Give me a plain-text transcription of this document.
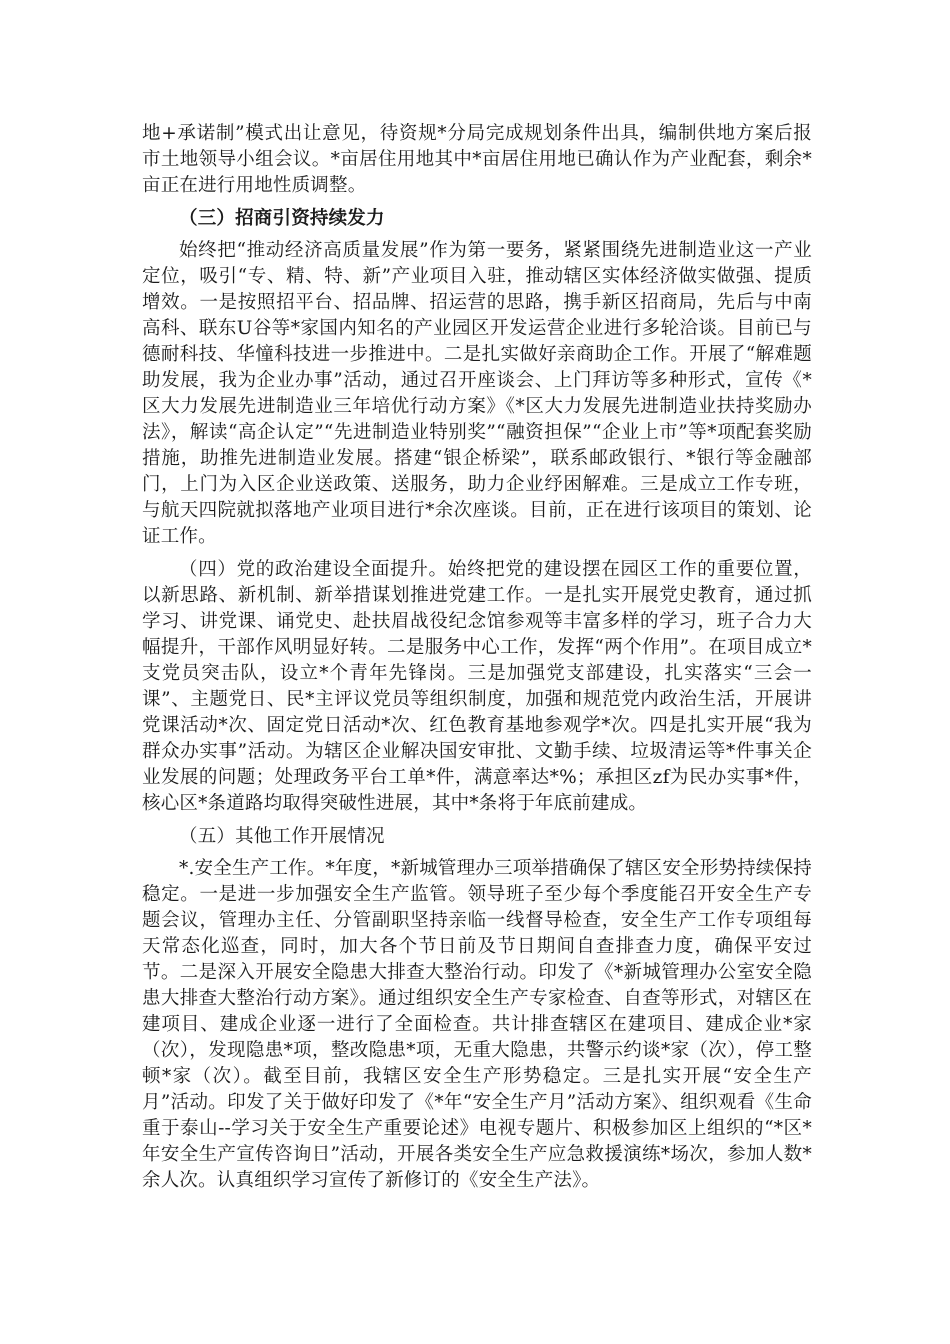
地+承诺制”模式出让意见，待资规*分局完成规划条件出具，编制供地方案后报市土地领导小组会议。*亩居住用地其中*亩居住用地已确认作为产业配套，剩余*亩正在进行用地性质调整。

（三）招商引资持续发力

始终把“推动经济高质量发展”作为第一要务，紧紧围绕先进制造业这一产业定位，吸引“专、精、特、新”产业项目入驻，推动辖区实体经济做实做强、提质增效。一是按照招平台、招品牌、招运营的思路，携手新区招商局，先后与中南高科、联东U谷等*家国内知名的产业园区开发运营企业进行多轮洽谈。目前已与德耐科技、华憧科技进一步推进中。二是扎实做好亲商助企工作。开展了“解难题助发展，我为企业办事”活动，通过召开座谈会、上门拜访等多种形式，宣传《*区大力发展先进制造业三年培优行动方案》《*区大力发展先进制造业扶持奖励办法》，解读“高企认定”“先进制造业特别奖”“融资担保”“企业上市”等*项配套奖励措施，助推先进制造业发展。搭建“银企桥梁”，联系邮政银行、*银行等金融部门，上门为入区企业送政策、送服务，助力企业纾困解难。三是成立工作专班，与航天四院就拟落地产业项目进行*余次座谈。目前，正在进行该项目的策划、论证工作。

（四）党的政治建设全面提升。始终把党的建设摆在园区工作的重要位置，以新思路、新机制、新举措谋划推进党建工作。一是扎实开展党史教育，通过抓学习、讲党课、诵党史、赴扶眉战役纪念馆参观等丰富多样的学习，班子合力大幅提升，干部作风明显好转。二是服务中心工作，发挥“两个作用”。在项目成立*支党员突击队，设立*个青年先锋岗。三是加强党支部建设，扎实落实“三会一课”、主题党日、民*主评议党员等组织制度，加强和规范党内政治生活，开展讲党课活动*次、固定党日活动*次、红色教育基地参观学*次。四是扎实开展“我为群众办实事”活动。为辖区企业解决国安审批、文勤手续、垃圾清运等*件事关企业发展的问题；处理政务平台工单*件，满意率达*%；承担区zf为民办实事*件，核心区*条道路均取得突破性进展，其中*条将于年底前建成。

（五）其他工作开展情况

*.安全生产工作。*年度，*新城管理办三项举措确保了辖区安全形势持续保持稳定。一是进一步加强安全生产监管。领导班子至少每个季度能召开安全生产专题会议，管理办主任、分管副职坚持亲临一线督导检查，安全生产工作专项组每天常态化巡查，同时，加大各个节日前及节日期间自查排查力度，确保平安过节。二是深入开展安全隐患大排查大整治行动。印发了《*新城管理办公室安全隐患大排查大整治行动方案》。通过组织安全生产专家检查、自查等形式，对辖区在建项目、建成企业逐一进行了全面检查。共计排查辖区在建项目、建成企业*家（次），发现隐患*项，整改隐患*项，无重大隐患，共警示约谈*家（次），停工整顿*家（次）。截至目前，我辖区安全生产形势稳定。三是扎实开展“安全生产月”活动。印发了关于做好印发了《*年“安全生产月”活动方案》、组织观看《生命重于泰山--学习关于安全生产重要论述》电视专题片、积极参加区上组织的“*区*年安全生产宣传咨询日”活动，开展各类安全生产应急救援演练*场次，参加人数*余人次。认真组织学习宣传了新修订的《安全生产法》。
